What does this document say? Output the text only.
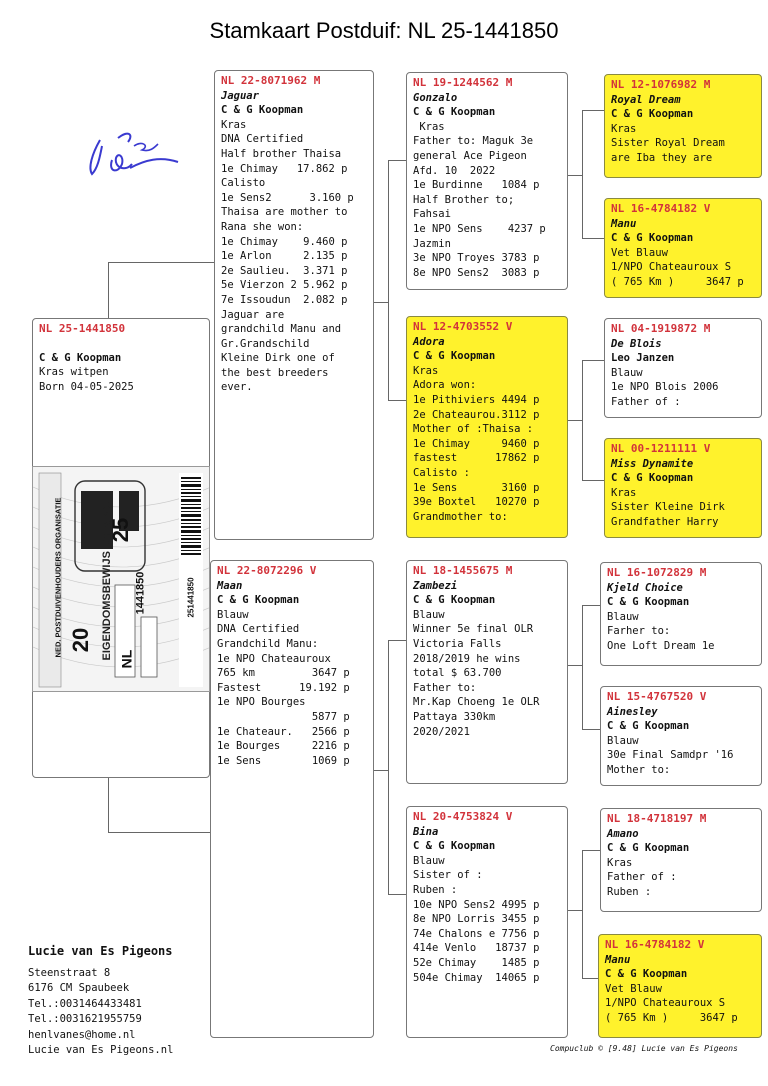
Stamkaart Postduif: NL 25-1441850
NL 25-1441850
C & G Koopman
Kras witpen
Born 04-05-2025
NED. POSTDUIVENHOUDERS ORGANISATIE	EIGENDOMSBEWIJS v/d RING
20
25
NL
1441850	251441850
NL 22-8071962 M
Jaguar
C & G Koopman
Kras
DNA Certified
Half brother Thaisa
1e Chimay   17.862 p
Calisto
1e Sens2      3.160 p
Thaisa are mother to
Rana she won:
1e Chimay    9.460 p
1e Arlon     2.135 p
2e Saulieu.  3.371 p
5e Vierzon 2 5.962 p
7e Issoudun  2.082 p
Jaguar are
grandchild Manu and
Gr.Grandschild
Kleine Dirk one of
the best breeders
ever.
NL 22-8072296 V
Maan
C & G Koopman
Blauw
DNA Certified
Grandchild Manu:
1e NPO Chateauroux
765 km         3647 p
Fastest      19.192 p
1e NPO Bourges
5877 p
1e Chateaur.   2566 p
1e Bourges     2216 p
1e Sens        1069 p
NL 19-1244562 M
Gonzalo
C & G Koopman
Kras
Father to: Maguk 3e
general Ace Pigeon
Afd. 10  2022
1e Burdinne   1084 p
Half Brother to;
Fahsai
1e NPO Sens    4237 p
Jazmin
3e NPO Troyes 3783 p
8e NPO Sens2  3083 p
NL 12-4703552 V
Adora
C & G Koopman
Kras
Adora won:
1e Pithiviers 4494 p
2e Chateaurou.3112 p
Mother of :Thaisa :
1e Chimay     9460 p
fastest      17862 p
Calisto :
1e Sens       3160 p
39e Boxtel   10270 p
Grandmother to:
NL 18-1455675 M
Zambezi
C & G Koopman
Blauw
Winner 5e final OLR
Victoria Falls
2018/2019 he wins
total $ 63.700
Father to:
Mr.Kap Choeng 1e OLR
Pattaya 330km
2020/2021
NL 20-4753824 V
Bina
C & G Koopman
Blauw
Sister of :
Ruben :
10e NPO Sens2 4995 p
8e NPO Lorris 3455 p
74e Chalons e 7756 p
414e Venlo   18737 p
52e Chimay    1485 p
504e Chimay  14065 p
NL 12-1076982 M
Royal Dream
C & G Koopman
Kras
Sister Royal Dream
are Iba they are
NL 16-4784182 V
Manu
C & G Koopman
Vet Blauw
1/NPO Chateauroux S
( 765 Km )     3647 p
NL 04-1919872 M
De Blois
Leo Janzen
Blauw
1e NPO Blois 2006
Father of :
NL 00-1211111 V
Miss Dynamite
C & G Koopman
Kras
Sister Kleine Dirk
Grandfather Harry
NL 16-1072829 M
Kjeld Choice
C & G Koopman
Blauw
Farher to:
One Loft Dream 1e
NL 15-4767520 V
Ainesley
C & G Koopman
Blauw
30e Final Samdpr '16
Mother to:
NL 18-4718197 M
Amano
C & G Koopman
Kras
Father of :
Ruben :
NL 16-4784182 V
Manu
C & G Koopman
Vet Blauw
1/NPO Chateauroux S
( 765 Km )     3647 p
Lucie van Es Pigeons
Steenstraat 8
6176 CM Spaubeek
Tel.:0031464433481
Tel.:0031621955759
henlvanes@home.nl
Lucie van Es Pigeons.nl	Compuclub © [9.48] Lucie van Es Pigeons
